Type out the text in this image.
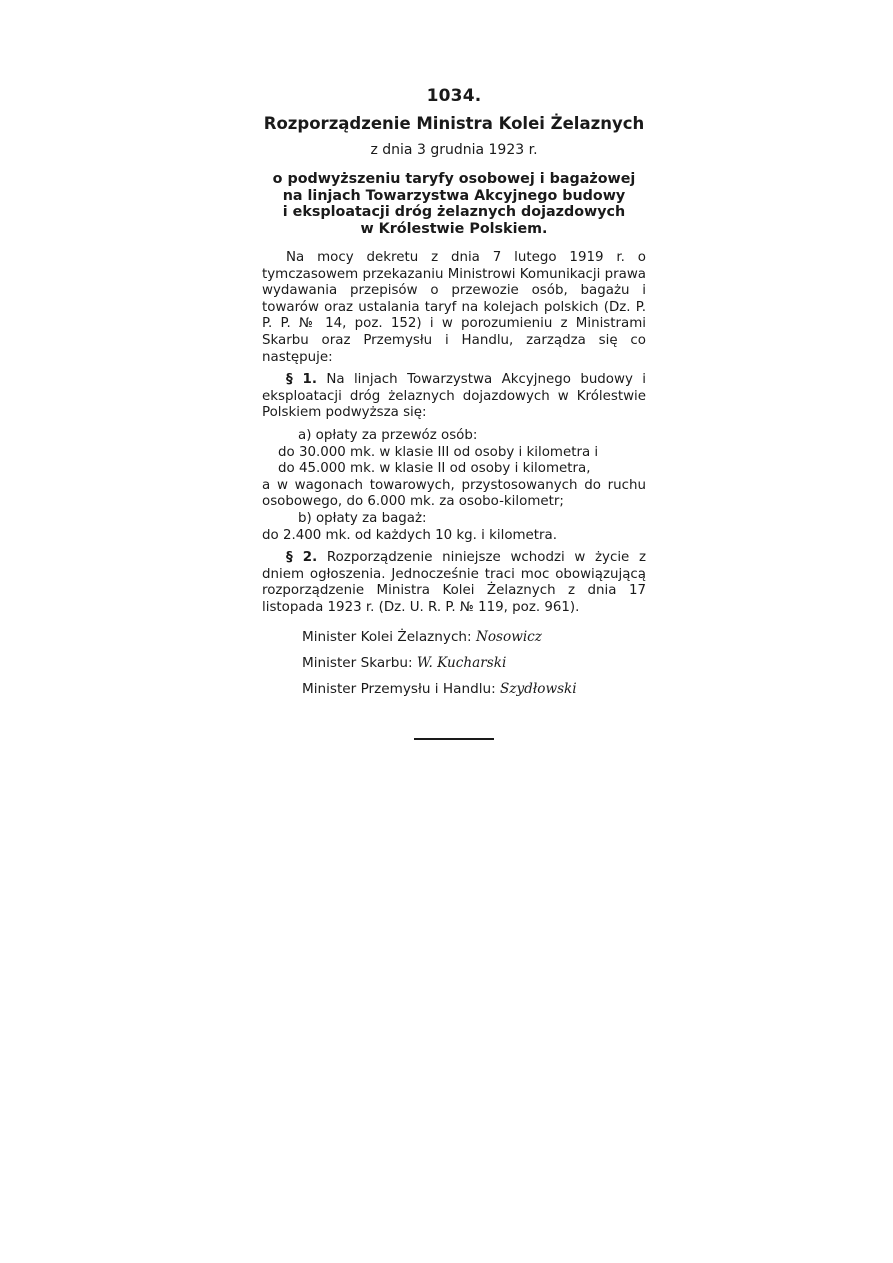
1034.
Rozporządzenie Ministra Kolei Żelaznych
z dnia 3 grudnia 1923 r.
o podwyższeniu taryfy osobowej i bagażowej
na linjach Towarzystwa Akcyjnego budowy
i eksploatacji dróg żelaznych dojazdowych
w Królestwie Polskiem.

Na mocy dekretu z dnia 7 lutego 1919 r. o tymczasowem przekazaniu Ministrowi Komunikacji prawa wydawania przepisów o przewozie osób, bagażu i towarów oraz ustalania taryf na kolejach polskich (Dz. P. P. P. № 14, poz. 152) i w porozumieniu z Ministrami Skarbu oraz Przemysłu i Handlu, zarządza się co następuje:

§ 1. Na linjach Towarzystwa Akcyjnego budowy i eksploatacji dróg żelaznych dojazdowych w Królestwie Polskiem podwyższa się:

a) opłaty za przewóz osób:
do 30.000 mk. w klasie III od osoby i kilometra i
do 45.000 mk. w klasie II od osoby i kilometra,
a w wagonach towarowych, przystosowanych do ruchu osobowego, do 6.000 mk. za osobo-kilometr;
b) opłaty za bagaż:
do 2.400 mk. od każdych 10 kg. i kilometra.

§ 2. Rozporządzenie niniejsze wchodzi w życie z dniem ogłoszenia. Jednocześnie traci moc obowiązującą rozporządzenie Ministra Kolei Żelaznych z dnia 17 listopada 1923 r. (Dz. U. R. P. № 119, poz. 961).

Minister Kolei Żelaznych: Nosowicz
Minister Skarbu: W. Kucharski
Minister Przemysłu i Handlu: Szydłowski
